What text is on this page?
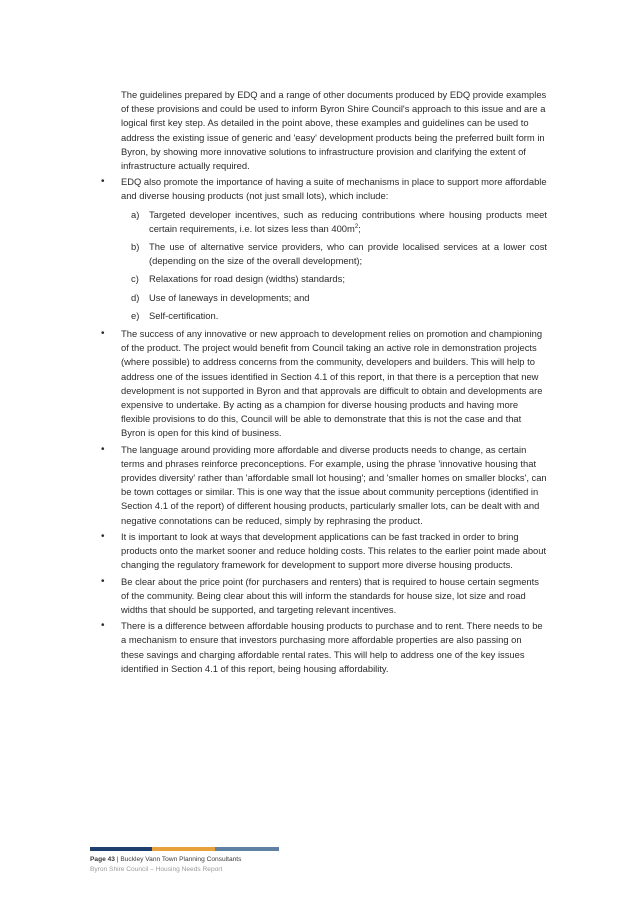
The guidelines prepared by EDQ and a range of other documents produced by EDQ provide examples of these provisions and could be used to inform Byron Shire Council's approach to this issue and are a logical first key step. As detailed in the point above, these examples and guidelines can be used to address the existing issue of generic and 'easy' development products being the preferred built form in Byron, by showing more innovative solutions to infrastructure provision and clarifying the extent of infrastructure actually required.
• EDQ also promote the importance of having a suite of mechanisms in place to support more affordable and diverse housing products (not just small lots), which include:
a) Targeted developer incentives, such as reducing contributions where housing products meet certain requirements, i.e. lot sizes less than $400m^2$;
b) The use of alternative service providers, who can provide localised services at a lower cost (depending on the size of the overall development);
c) Relaxations for road design (widths) standards;
d) Use of laneways in developments; and
e) Self-certification.
• The success of any innovative or new approach to development relies on promotion and championing of the product. The project would benefit from Council taking an active role in demonstration projects (where possible) to address concerns from the community, developers and builders. This will help to address one of the issues identified in Section 4.1 of this report, in that there is a perception that new development is not supported in Byron and that approvals are difficult to obtain and developments are expensive to undertake. By acting as a champion for diverse housing products and having more flexible provisions to do this, Council will be able to demonstrate that this is not the case and that Byron is open for this kind of business.
• The language around providing more affordable and diverse products needs to change, as certain terms and phrases reinforce preconceptions. For example, using the phrase 'innovative housing that provides diversity' rather than 'affordable small lot housing'; and 'smaller homes on smaller blocks', can be town cottages or similar. This is one way that the issue about community perceptions (identified in Section 4.1 of the report) of different housing products, particularly smaller lots, can be dealt with and negative connotations can be reduced, simply by rephrasing the product.
• It is important to look at ways that development applications can be fast tracked in order to bring products onto the market sooner and reduce holding costs. This relates to the earlier point made about changing the regulatory framework for development to support more diverse housing products.
• Be clear about the price point (for purchasers and renters) that is required to house certain segments of the community. Being clear about this will inform the standards for house size, lot size and road widths that should be supported, and targeting relevant incentives.
• There is a difference between affordable housing products to purchase and to rent. There needs to be a mechanism to ensure that investors purchasing more affordable properties are also passing on these savings and charging affordable rental rates. This will help to address one of the key issues identified in Section 4.1 of this report, being housing affordability.
Page 43 | Buckley Vann Town Planning Consultants
Byron Shire Council – Housing Needs Report
